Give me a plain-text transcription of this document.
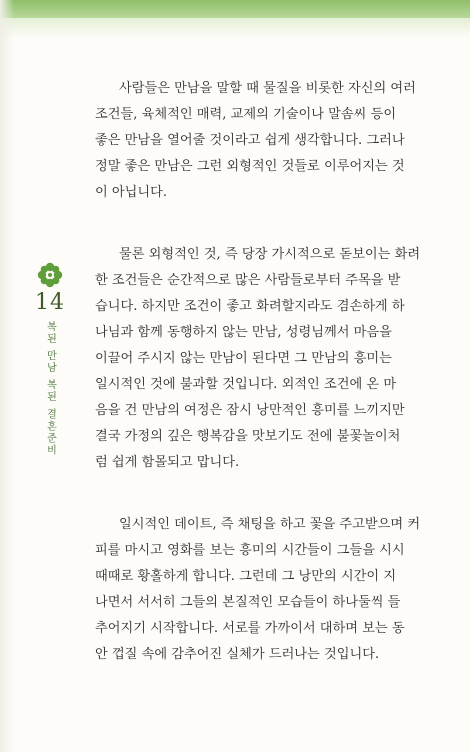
14
복된 만남 복된 결혼준비

사람들은 만남을 말할 때 물질을 비롯한 자신의 여러
조건들, 육체적인 매력, 교제의 기술이나 말솜씨 등이
좋은 만남을 열어줄 것이라고 쉽게 생각합니다. 그러나
정말 좋은 만남은 그런 외형적인 것들로 이루어지는 것
이 아닙니다.

물론 외형적인 것, 즉 당장 가시적으로 돋보이는 화려
한 조건들은 순간적으로 많은 사람들로부터 주목을 받
습니다. 하지만 조건이 좋고 화려할지라도 겸손하게 하
나님과 함께 동행하지 않는 만남, 성령님께서 마음을
이끌어 주시지 않는 만남이 된다면 그 만남의 흥미는
일시적인 것에 불과할 것입니다. 외적인 조건에 온 마
음을 건 만남의 여정은 잠시 낭만적인 흥미를 느끼지만
결국 가정의 깊은 행복감을 맛보기도 전에 불꽃놀이처
럼 쉽게 함몰되고 맙니다.

일시적인 데이트, 즉 채팅을 하고 꽃을 주고받으며 커
피를 마시고 영화를 보는 흥미의 시간들이 그들을 시시
때때로 황홀하게 합니다. 그런데 그 낭만의 시간이 지
나면서 서서히 그들의 본질적인 모습들이 하나둘씩 들
추어지기 시작합니다. 서로를 가까이서 대하며 보는 동
안 껍질 속에 감추어진 실체가 드러나는 것입니다.
